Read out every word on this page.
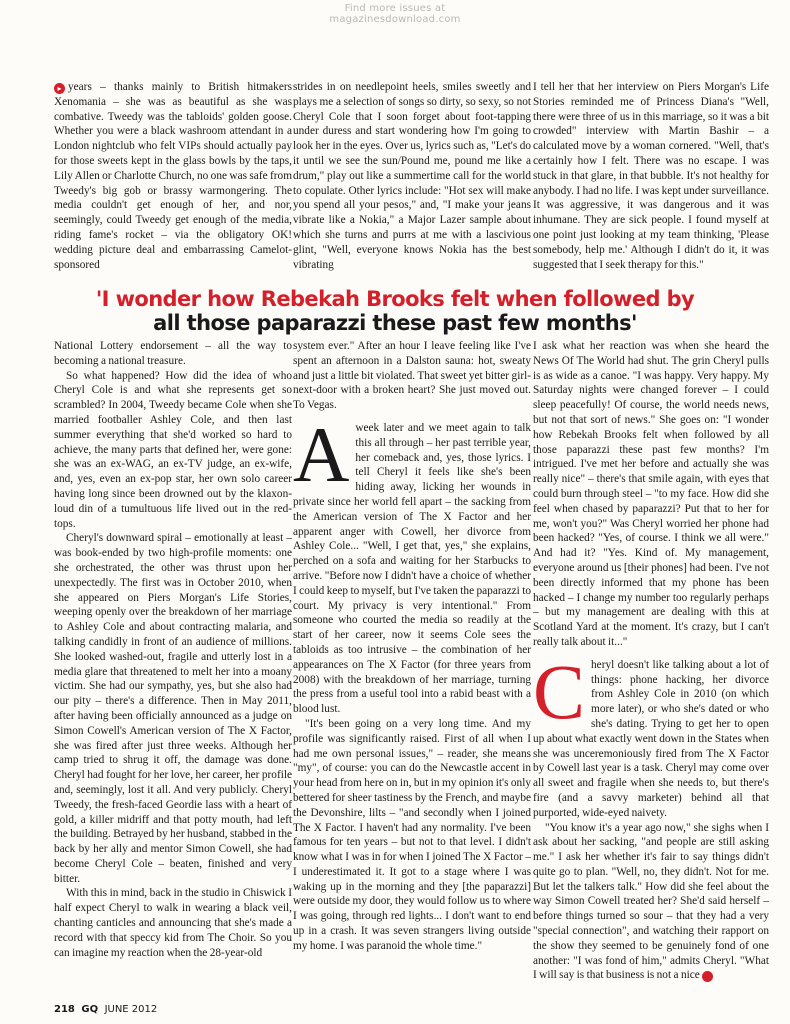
Find more issues at
magazinesdownload.com

▸ years – thanks mainly to British hitmakers Xenomania – she was as beautiful as she was combative. Tweedy was the tabloids' golden goose. Whether you were a black washroom attendant in a London nightclub who felt VIPs should actually pay for those sweets kept in the glass bowls by the taps, Lily Allen or Charlotte Church, no one was safe from Tweedy's big gob or brassy warmongering. The media couldn't get enough of her, and nor, seemingly, could Tweedy get enough of the media, riding fame's rocket – via the obligatory OK! wedding picture deal and embarrassing Camelot-sponsored

strides in on needlepoint heels, smiles sweetly and plays me a selection of songs so dirty, so sexy, so not Cheryl Cole that I soon forget about foot-tapping under duress and start wondering how I'm going to look her in the eyes. Over us, lyrics such as, "Let's do it until we see the sun/Pound me, pound me like a drum," play out like a summertime call for the world to copulate. Other lyrics include: "Hot sex will make you spend all your pesos," and, "I make your jeans vibrate like a Nokia," a Major Lazer sample about which she turns and purrs at me with a lascivious glint, "Well, everyone knows Nokia has the best vibrating

I tell her that her interview on Piers Morgan's Life Stories reminded me of Princess Diana's "Well, there were three of us in this marriage, so it was a bit crowded" interview with Martin Bashir – a calculated move by a woman cornered. "Well, that's certainly how I felt. There was no escape. I was stuck in that glare, in that bubble. It's not healthy for anybody. I had no life. I was kept under surveillance. It was aggressive, it was dangerous and it was inhumane. They are sick people. I found myself at one point just looking at my team thinking, 'Please somebody, help me.' Although I didn't do it, it was suggested that I seek therapy for this."

'I wonder how Rebekah Brooks felt when followed by
all those paparazzi these past few months'

National Lottery endorsement – all the way to becoming a national treasure.

So what happened? How did the idea of who Cheryl Cole is and what she represents get so scrambled? In 2004, Tweedy became Cole when she married footballer Ashley Cole, and then last summer everything that she'd worked so hard to achieve, the many parts that defined her, were gone: she was an ex-WAG, an ex-TV judge, an ex-wife, and, yes, even an ex-pop star, her own solo career having long since been drowned out by the klaxon-loud din of a tumultuous life lived out in the red-tops.

Cheryl's downward spiral – emotionally at least – was book-ended by two high-profile moments: one she orchestrated, the other was thrust upon her unexpectedly. The first was in October 2010, when she appeared on Piers Morgan's Life Stories, weeping openly over the breakdown of her marriage to Ashley Cole and about contracting malaria, and talking candidly in front of an audience of millions. She looked washed-out, fragile and utterly lost in a media glare that threatened to melt her into a moany victim. She had our sympathy, yes, but she also had our pity – there's a difference. Then in May 2011, after having been officially announced as a judge on Simon Cowell's American version of The X Factor, she was fired after just three weeks. Although her camp tried to shrug it off, the damage was done. Cheryl had fought for her love, her career, her profile and, seemingly, lost it all. And very publicly. Cheryl Tweedy, the fresh-faced Geordie lass with a heart of gold, a killer midriff and that potty mouth, had left the building. Betrayed by her husband, stabbed in the back by her ally and mentor Simon Cowell, she had become Cheryl Cole – beaten, finished and very bitter.

With this in mind, back in the studio in Chiswick I half expect Cheryl to walk in wearing a black veil, chanting canticles and announcing that she's made a record with that speccy kid from The Choir. So you can imagine my reaction when the 28-year-old

system ever." After an hour I leave feeling like I've spent an afternoon in a Dalston sauna: hot, sweaty and just a little bit violated. That sweet yet bitter girl-next-door with a broken heart? She just moved out. To Vegas.

Aweek later and we meet again to talk this all through – her past terrible year, her comeback and, yes, those lyrics. I tell Cheryl it feels like she's been hiding away, licking her wounds in private since her world fell apart – the sacking from the American version of The X Factor and her apparent anger with Cowell, her divorce from Ashley Cole... "Well, I get that, yes," she explains, perched on a sofa and waiting for her Starbucks to arrive. "Before now I didn't have a choice of whether I could keep to myself, but I've taken the paparazzi to court. My privacy is very intentional." From someone who courted the media so readily at the start of her career, now it seems Cole sees the tabloids as too intrusive – the combination of her appearances on The X Factor (for three years from 2008) with the breakdown of her marriage, turning the press from a useful tool into a rabid beast with a blood lust.

"It's been going on a very long time. And my profile was significantly raised. First of all when I had me own personal issues," – reader, she means "my", of course: you can do the Newcastle accent in your head from here on in, but in my opinion it's only bettered for sheer tastiness by the French, and maybe the Devonshire, lilts – "and secondly when I joined The X Factor. I haven't had any normality. I've been famous for ten years – but not to that level. I didn't know what I was in for when I joined The X Factor – I underestimated it. It got to a stage where I was waking up in the morning and they [the paparazzi] were outside my door, they would follow us to where I was going, through red lights... I don't want to end up in a crash. It was seven strangers living outside my home. I was paranoid the whole time."

I ask what her reaction was when she heard the News Of The World had shut. The grin Cheryl pulls is as wide as a canoe. "I was happy. Very happy. My Saturday nights were changed forever – I could sleep peacefully! Of course, the world needs news, but not that sort of news." She goes on: "I wonder how Rebekah Brooks felt when followed by all those paparazzi these past few months? I'm intrigued. I've met her before and actually she was really nice" – there's that smile again, with eyes that could burn through steel – "to my face. How did she feel when chased by paparazzi? Put that to her for me, won't you?" Was Cheryl worried her phone had been hacked? "Yes, of course. I think we all were." And had it? "Yes. Kind of. My management, everyone around us [their phones] had been. I've not been directly informed that my phone has been hacked – I change my number too regularly perhaps – but my management are dealing with this at Scotland Yard at the moment. It's crazy, but I can't really talk about it..."

Cheryl doesn't like talking about a lot of things: phone hacking, her divorce from Ashley Cole in 2010 (on which more later), or who she's dated or who she's dating. Trying to get her to open up about what exactly went down in the States when she was unceremoniously fired from The X Factor by Cowell last year is a task. Cheryl may come over all sweet and fragile when she needs to, but there's fire (and a savvy marketer) behind all that purported, wide-eyed naivety.

"You know it's a year ago now," she sighs when I ask about her sacking, "and people are still asking me." I ask her whether it's fair to say things didn't quite go to plan. "Well, no, they didn't. Not for me. But let the talkers talk." How did she feel about the way Simon Cowell treated her? She'd said herself – before things turned so sour – that they had a very "special connection", and watching their rapport on the show they seemed to be genuinely fond of one another: "I was fond of him," admits Cheryl. "What I will say is that business is not a nice ▸

218 GQ JUNE 2012
